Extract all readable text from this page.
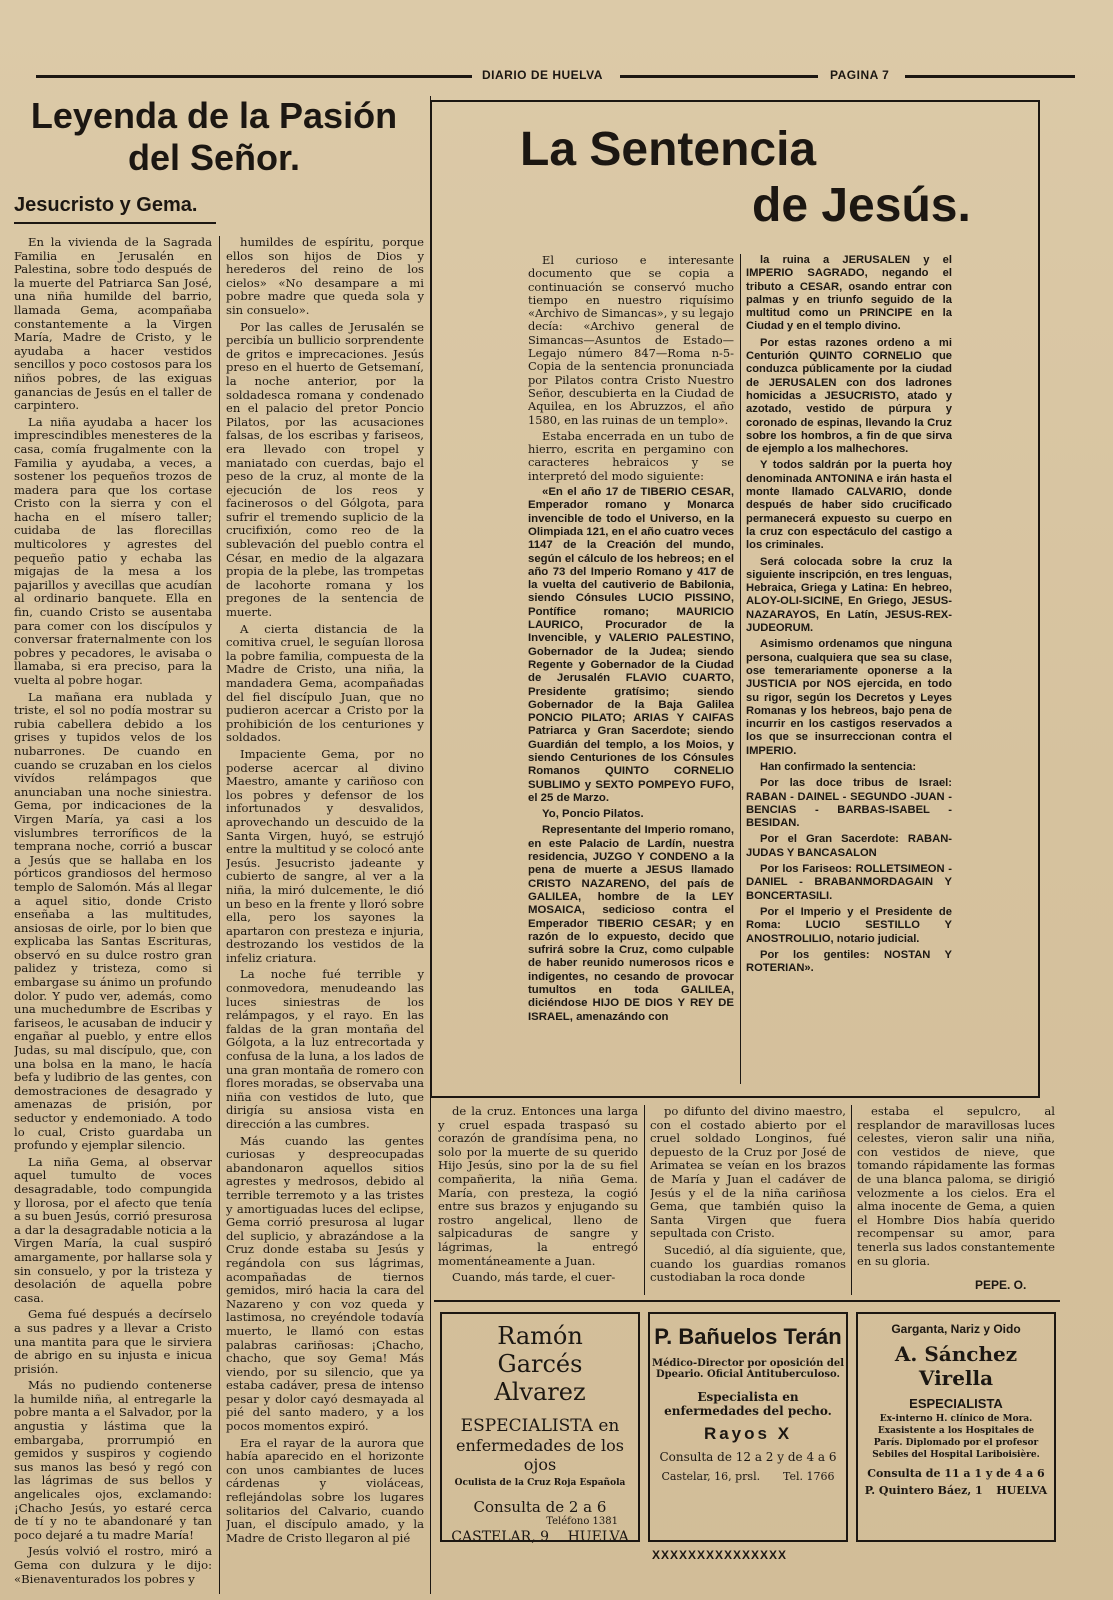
DIARIO DE HUELVA	PAGINA 7
Leyenda de la Pasión del Señor.
Jesucristo y Gema.

En la vivienda de la Sagrada Familia en Jerusalén en Palestina, sobre todo después de la muerte del Patriarca San José, una niña humilde del barrio, llamada Gema, acompañaba constantemente a la Virgen María, Madre de Cristo, y le ayudaba a hacer vestidos sencillos y poco costosos para los niños pobres, de las exiguas ganancias de Jesús en el taller de carpintero.

La niña ayudaba a hacer los imprescindibles menesteres de la casa, comía frugalmente con la Familia y ayudaba, a veces, a sostener los pequeños trozos de madera para que los cortase Cristo con la sierra y con el hacha en el mísero taller; cuidaba de las florecillas multicolores y agrestes del pequeño patio y echaba las migajas de la mesa a los pajarillos y avecillas que acudían al ordinario banquete. Ella en fin, cuando Cristo se ausentaba para comer con los discípulos y conversar fraternalmente con los pobres y pecadores, le avisaba o llamaba, si era preciso, para la vuelta al pobre hogar.

La mañana era nublada y triste, el sol no podía mostrar su rubia cabellera debido a los grises y tupidos velos de los nubarrones. De cuando en cuando se cruzaban en los cielos vivídos relámpagos que anunciaban una noche siniestra. Gema, por indicaciones de la Virgen María, ya casi a los vislumbres terroríficos de la temprana noche, corrió a buscar a Jesús que se hallaba en los pórticos grandiosos del hermoso templo de Salomón. Más al llegar a aquel sitio, donde Cristo enseñaba a las multitudes, ansiosas de oirle, por lo bien que explicaba las Santas Escrituras, observó en su dulce rostro gran palidez y tristeza, como si embargase su ánimo un profundo dolor. Y pudo ver, además, como una muchedumbre de Escribas y fariseos, le acusaban de inducir y engañar al pueblo, y entre ellos Judas, su mal discípulo, que, con una bolsa en la mano, le hacía befa y ludibrio de las gentes, con demostraciones de desagrado y amenazas de prisión, por seductor y endemoniado. A todo lo cual, Cristo guardaba un profundo y ejemplar silencio.

La niña Gema, al observar aquel tumulto de voces desagradable, todo compungida y llorosa, por el afecto que tenía a su buen Jesús, corrió presurosa a dar la desagradable noticia a la Virgen María, la cual suspiró amargamente, por hallarse sola y sin consuelo, y por la tristeza y desolación de aquella pobre casa.

Gema fué después a decírselo a sus padres y a llevar a Cristo una mantita para que le sirviera de abrigo en su injusta e inicua prisión.

Más no pudiendo contenerse la humilde niña, al entregarle la pobre manta a el Salvador, por la angustia y lástima que la embargaba, prorrumpió en gemidos y suspiros y cogiendo sus manos las besó y regó con las lágrimas de sus bellos y angelicales ojos, exclamando: ¡Chacho Jesús, yo estaré cerca de tí y no te abandonaré y tan poco dejaré a tu madre María!

Jesús volvió el rostro, miró a Gema con dulzura y le dijo: «Bienaventurados los pobres y

humildes de espíritu, porque ellos son hijos de Dios y herederos del reino de los cielos» «No desampare a mi pobre madre que queda sola y sin consuelo».

Por las calles de Jerusalén se percibía un bullicio sorprendente de gritos e imprecaciones. Jesús preso en el huerto de Getsemaní, la noche anterior, por la soldadesca romana y condenado en el palacio del pretor Poncio Pilatos, por las acusaciones falsas, de los escribas y fariseos, era llevado con tropel y maniatado con cuerdas, bajo el peso de la cruz, al monte de la ejecución de los reos y facinerosos o del Gólgota, para sufrir el tremendo suplicio de la crucifixión, como reo de la sublevación del pueblo contra el César, en medio de la algazara propia de la plebe, las trompetas de lacohorte romana y los pregones de la sentencia de muerte.

A cierta distancia de la comitiva cruel, le seguían llorosa la pobre familia, compuesta de la Madre de Cristo, una niña, la mandadera Gema, acompañadas del fiel discípulo Juan, que no pudieron acercar a Cristo por la prohibición de los centuriones y soldados.

Impaciente Gema, por no poderse acercar al divino Maestro, amante y cariñoso con los pobres y defensor de los infortunados y desvalidos, aprovechando un descuido de la Santa Virgen, huyó, se estrujó entre la multitud y se colocó ante Jesús. Jesucristo jadeante y cubierto de sangre, al ver a la niña, la miró dulcemente, le dió un beso en la frente y lloró sobre ella, pero los sayones la apartaron con presteza e injuria, destrozando los vestidos de la infeliz criatura.

La noche fué terrible y conmovedora, menudeando las luces siniestras de los relámpagos, y el rayo. En las faldas de la gran montaña del Gólgota, a la luz entrecortada y confusa de la luna, a los lados de una gran montaña de romero con flores moradas, se observaba una niña con vestidos de luto, que dirigía su ansiosa vista en dirección a las cumbres.

Más cuando las gentes curiosas y despreocupadas abandonaron aquellos sitios agrestes y medrosos, debido al terrible terremoto y a las tristes y amortiguadas luces del eclipse, Gema corrió presurosa al lugar del suplicio, y abrazándose a la Cruz donde estaba su Jesús y regándola con sus lágrimas, acompañadas de tiernos gemidos, miró hacia la cara del Nazareno y con voz queda y lastimosa, no creyéndole todavía muerto, le llamó con estas palabras cariñosas: ¡Chacho, chacho, que soy Gema! Más viendo, por su silencio, que ya estaba cadáver, presa de intenso pesar y dolor cayó desmayada al pié del santo madero, y a los pocos momentos expiró.

Era el rayar de la aurora que había aparecido en el horizonte con unos cambiantes de luces cárdenas y violáceas, reflejándolas sobre los lugares solitarios del Calvario, cuando Juan, el discípulo amado, y la Madre de Cristo llegaron al pié

La Sentencia
de Jesús.

El curioso e interesante documento que se copia a continuación se conservó mucho tiempo en nuestro riquísimo «Archivo de Simancas», y su legajo decía: «Archivo general de Simancas—Asuntos de Estado—Legajo número 847—Roma n-5-Copia de la sentencia pronunciada por Pilatos contra Cristo Nuestro Señor, descubierta en la Ciudad de Aquilea, en los Abruzzos, el año 1580, en las ruinas de un templo».

Estaba encerrada en un tubo de hierro, escrita en pergamino con caracteres hebraicos y se interpretó del modo siguiente:

«En el año 17 de TIBERIO CESAR, Emperador romano y Monarca invencible de todo el Universo, en la Olimpiada 121, en el año cuatro veces 1147 de la Creación del mundo, según el cálculo de los hebreos; en el año 73 del Imperio Romano y 417 de la vuelta del cautiverio de Babilonia, siendo Cónsules LUCIO PISSINO, Pontífice romano; MAURICIO LAURICO, Procurador de la Invencible, y VALERIO PALESTINO, Gobernador de la Judea; siendo Regente y Gobernador de la Ciudad de Jerusalén FLAVIO CUARTO, Presidente gratísimo; siendo Gobernador de la Baja Galilea PONCIO PILATO; ARIAS Y CAIFAS Patriarca y Gran Sacerdote; siendo Guardián del templo, a los Moios, y siendo Centuriones de los Cónsules Romanos QUINTO CORNELIO SUBLIMO y SEXTO POMPEYO FUFO, el 25 de Marzo.

Yo, Poncio Pilatos.

Representante del Imperio romano, en este Palacio de Lardín, nuestra residencia, JUZGO Y CONDENO a la pena de muerte a JESUS llamado CRISTO NAZARENO, del país de GALILEA, hombre de la LEY MOSAICA, sedicioso contra el Emperador TIBERIO CESAR; y en razón de lo expuesto, decido que sufrirá sobre la Cruz, como culpable de haber reunido numerosos ricos e indigentes, no cesando de provocar tumultos en toda GALILEA, diciéndose HIJO DE DIOS Y REY DE ISRAEL, amenazándo con

la ruina a JERUSALEN y el IMPERIO SAGRADO, negando el tributo a CESAR, osando entrar con palmas y en triunfo seguido de la multitud como un PRINCIPE en la Ciudad y en el templo divino.

Por estas razones ordeno a mi Centurión QUINTO CORNELIO que conduzca públicamente por la ciudad de JERUSALEN con dos ladrones homicidas a JESUCRISTO, atado y azotado, vestido de púrpura y coronado de espinas, llevando la Cruz sobre los hombros, a fin de que sirva de ejemplo a los malhechores.

Y todos saldrán por la puerta hoy denominada ANTONINA e irán hasta el monte llamado CALVARIO, donde después de haber sido crucificado permanecerá expuesto su cuerpo en la cruz con espectáculo del castigo a los criminales.

Será colocada sobre la cruz la siguiente inscripción, en tres lenguas, Hebraica, Griega y Latina: En hebreo, ALOY-OLI-SICINE, En Griego, JESUS-NAZARAYOS, En Latín, JESUS-REX-JUDEORUM.

Asimismo ordenamos que ninguna persona, cualquiera que sea su clase, ose temerariamente oponerse a la JUSTICIA por NOS ejercida, en todo su rigor, según los Decretos y Leyes Romanas y los hebreos, bajo pena de incurrir en los castigos reservados a los que se insurreccionan contra el IMPERIO.

Han confirmado la sentencia:

Por las doce tribus de Israel: RABAN - DAINEL - SEGUNDO -JUAN - BENCIAS - BARBAS-ISABEL - BESIDAN.

Por el Gran Sacerdote: RABAN-JUDAS Y BANCASALON

Por los Fariseos: ROLLETSIMEON - DANIEL - BRABANMORDAGAIN Y BONCERTASILI.

Por el Imperio y el Presidente de Roma: LUCIO SESTILLO Y ANOSTROLILIO, notario judicial.

Por los gentiles: NOSTAN Y ROTERIAN».

de la cruz. Entonces una larga y cruel espada traspasó su corazón de grandísima pena, no solo por la muerte de su querido Hijo Jesús, sino por la de su fiel compañerita, la niña Gema. María, con presteza, la cogió entre sus brazos y enjugando su rostro angelical, lleno de salpicaduras de sangre y lágrimas, la entregó momentáneamente a Juan.

Cuando, más tarde, el cuer-

po difunto del divino maestro, con el costado abierto por el cruel soldado Longinos, fué depuesto de la Cruz por José de Arimatea se veían en los brazos de María y Juan el cadáver de Jesús y el de la niña cariñosa Gema, que también quiso la Santa Virgen que fuera sepultada con Cristo.

Sucedió, al día siguiente, que, cuando los guardias romanos custodiaban la roca donde

estaba el sepulcro, al resplandor de maravillosas luces celestes, vieron salir una niña, con vestidos de nieve, que tomando rápidamente las formas de una blanca paloma, se dirigió velozmente a los cielos. Era el alma inocente de Gema, a quien el Hombre Dios había querido recompensar su amor, para tenerla sus lados constantemente en su gloria.

PEPE. O.
Ramón Garcés Alvarez
ESPECIALISTA en
enfermedades de los ojos
Oculista de la Cruz Roja Española
Consulta de 2 a 6
Teléfono 1381
CASTELAR, 9 HUELVA
P. Bañuelos Terán
Médico-Director por oposición del
Dpeario. Oficial Antituberculoso.
Especialista en enfermedades del pecho.
Rayos X
Consulta de 12 a 2 y de 4 a 6
Castelar, 16, prsl. Tel. 1766
Garganta, Nariz y Oido
A. Sánchez Virella
ESPECIALISTA
Ex-interno H. clínico de Mora. Exasistente a los Hospitales de París. Diplomado por el profesor Sebiles del Hospital Lariboisière.
Consulta de 11 a 1 y de 4 a 6
P. Quintero Báez, 1 HUELVA
XXXXXXXXXXXXXXX
